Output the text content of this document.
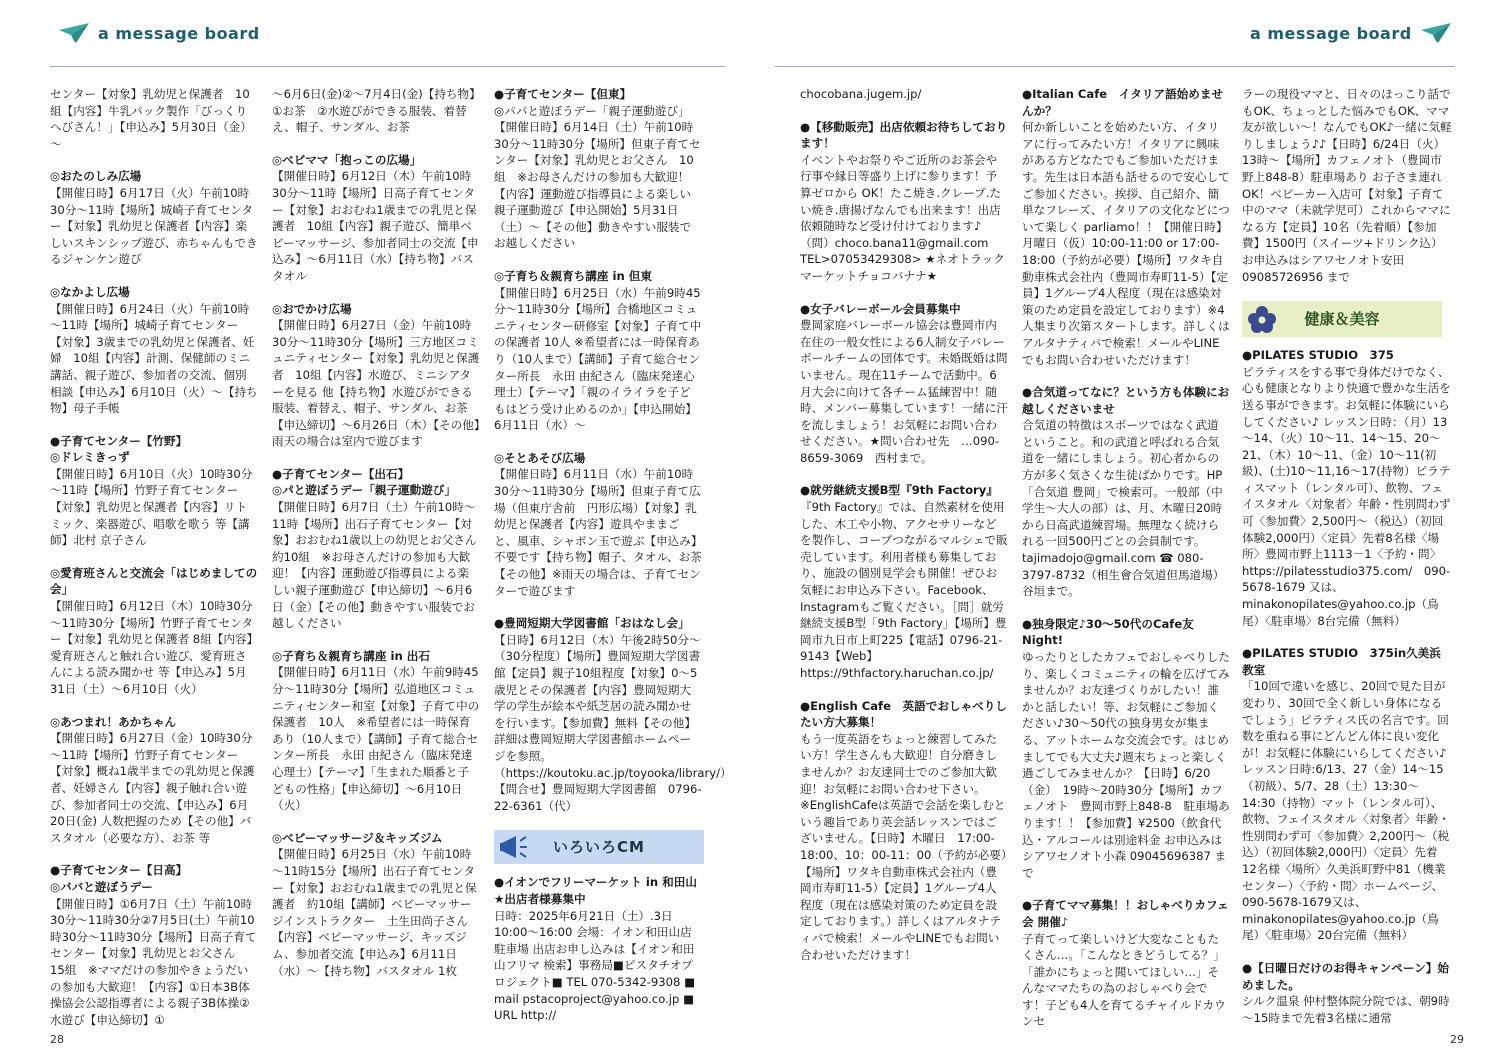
a message board

センター【対象】乳幼児と保護者　10組【内容】牛乳パック製作「びっくりへびさん！」【申込み】5月30日（金）～

◎おたのしみ広場

【開催日時】6月17日（火）午前10時30分～11時【場所】城崎子育てセンター【対象】乳幼児と保護者【内容】楽しいスキンシップ遊び、赤ちゃんもできるジャンケン遊び

◎なかよし広場

【開催日時】6月24日（火）午前10時～11時【場所】城崎子育てセンター【対象】3歳までの乳幼児と保護者、妊婦　10組【内容】計測、保健師のミニ講話、親子遊び、参加者の交流、個別相談【申込み】6月10日（火）～【持ち物】母子手帳

●子育てセンター【竹野】

◎ドレミきっず

【開催日時】6月10日（火）10時30分～11時【場所】竹野子育てセンター【対象】乳幼児と保護者【内容】リトミック、楽器遊び、唱歌を歌う 等【講師】北村 京子さん

◎愛育班さんと交流会「はじめましての会」

【開催日時】6月12日（木）10時30分～11時30分【場所】竹野子育てセンター【対象】乳幼児と保護者 8組【内容】愛育班さんと触れ合い遊び、愛育班さんによる読み聞かせ 等【申込み】5月31日（土）～6月10日（火）

◎あつまれ！あかちゃん

【開催日時】6月27日（金）10時30分～11時【場所】竹野子育てセンター【対象】概ね1歳半までの乳幼児と保護者、妊婦さん【内容】親子触れ合い遊び、参加者同士の交流、【申込み】6月20日(金) 人数把握のため【その他】バスタオル（必要な方）、お茶 等

●子育てセンター【日高】

◎ババと遊ぼうデー

【開催日時】①6月7日（土）午前10時30分～11時30分②7月5日(土）午前10時30分～11時30分【場所】日高子育てセンター【対象】乳幼児とお父さん　15組　※ママだけの参加やきょうだいの参加も大歓迎！【内容】①日本3B体操協会公認指導者による親子3B体操②水遊び【申込締切】①

～6月6日(金)②～7月4日(金)【持ち物】①お茶　②水遊びができる服装、着替え、帽子、サンダル、お茶

◎ベビママ「抱っこの広場」

【開催日時】6月12日（木）午前10時30分～11時【場所】日高子育てセンター【対象】おおむね1歳までの乳児と保護者　10組【内容】親子遊び、簡単ベビーマッサージ、参加者同士の交流【申込み】～6月11日（水）【持ち物】バスタオル

◎おでかけ広場

【開催日時】6月27日（金）午前10時30分～11時30分【場所】三方地区コミュニティセンター【対象】乳幼児と保護者　10組【内容】水遊び、ミニシアターを見る 他【持ち物】水遊びができる服装、着替え、帽子、サンダル、お茶【申込締切】～6月26日（木）【その他】雨天の場合は室内で遊びます

●子育てセンター【出石】

◎パと遊ぼうデー「親子運動遊び」

【開催日時】6月7日（土）午前10時～11時【場所】出石子育てセンター【対象】おおむね1歳以上の幼児とお父さん　約10組　※お母さんだけの参加も大歓迎！【内容】運動遊び指導員による楽しい親子運動遊び【申込締切】～6月6日（金）【その他】動きやすい服装でお越しください

◎子育ち＆親育ち講座 in 出石

【開催日時】6月11日（水）午前9時45分～11時30分【場所】弘道地区コミュニティセンター和室【対象】子育て中の保護者　10人　※希望者には一時保育あり（10人まで）【講師】子育て総合センター所長　永田 由紀さん（臨床発達心理士）【テーマ】「生まれた順番と子どもの性格」【申込締切】～6月10日（火）

◎ベビーマッサージ＆キッズジム

【開催日時】6月25日（水）午前10時～11時15分【場所】出石子育てセンター【対象】おおむね1歳までの乳児と保護者　約10組【講師】ベビーマッサージインストラクター　土生田尚子さん【内容】ベビーマッサージ、キッズジム、参加者交流【申込み】6月11日（水）～【持ち物】バスタオル 1枚

●子育てセンター【但東】

◎パパと遊ぼうデー「親子運動遊び」【開催日時】6月14日（土）午前10時30分～11時30分【場所】但東子育てセンター【対象】乳幼児とお父さん　10組　※お母さんだけの参加も大歓迎！【内容】運動遊び指導員による楽しい親子運動遊び【申込開始】5月31日（土）～【その他】動きやすい服装でお越しください

◎子育ち＆親育ち講座 in 但東

【開催日時】6月25日（水）午前9時45分～11時30分【場所】合橋地区コミュニティセンター研修室【対象】子育て中の保護者 10人 ※希望者には一時保育あり（10人まで）【講師】子育て総合センター所長　永田 由紀さん（臨床発達心理士）【テーマ】「親のイライラを子どもはどう受け止めるのか」【申込開始】6月11日（水）～

◎そとあそび広場

【開催日時】6月11日（水）午前10時30分～11時30分【場所】但東子育て広場（但東庁舎前　円形広場）【対象】乳幼児と保護者【内容】遊具やままごと、風車、シャボン玉で遊ぶ【申込み】不要です【持ち物】帽子、タオル、お茶【その他】※雨天の場合は、子育てセンターで遊びます

●豊岡短期大学図書館「おはなし会」

【日時】6月12日（木）午後2時50分～（30分程度）【場所】豊岡短期大学図書館【定員】親子10組程度【対象】0～5歳児とその保護者【内容】豊岡短期大学の学生が絵本や紙芝居の読み聞かせを行います。【参加費】無料【その他】詳細は豊岡短期大学図書館ホームページを参照。（https://koutoku.ac.jp/toyooka/library/）【問合せ】豊岡短期大学図書館　0796-22-6361（代）

いろいろCM

●イオンでフリーマーケット in 和田山★出店者様募集中

日時：2025年6月21日（土）.3日10:00～16:00 会場：イオン和田山店駐車場 出店お申し込みは【イオン和田山フリマ 検索】事務局■ピスタチオプロジェクト■ TEL 070-5342-9308 ■ mail pstacoproject@yahoo.co.jp ■ URL http://

28
a message board

chocobana.jugem.jp/

●【移動販売】出店依頼お待ちしております！

イベントやお祭りやご近所のお茶会や行事や縁日等盛り上げに参ります！予算ゼロから OK！たこ焼き.クレープ.たい焼き.唐揚げなんでも出来ます！出店依頼随時など受け付けております♪（問）choco.bana11@gmail.com TEL>07053429308> ★ネオトラックマーケットチョコバナナ★

●女子バレーボール会員募集中

豊岡家庭バレーボール協会は豊岡市内在住の一般女性による6人制女子バレーボールチームの団体です。未婚既婚は問いません。現在11チームで活動中。6月大会に向けて各チーム猛練習中！随時、メンバー募集しています！一緒に汗を流しましょう！お気軽にお問い合わせください。★問い合わせ先　…090-8659-3069　西村まで。

●就労継続支援B型『9th Factory』

『9th Factory』では、自然素材を使用した、木工や小物、アクセサリーなどを製作し、コープつながるマルシェで販売しています。利用者様も募集しており、施設の個別見学会も開催！ぜひお気軽にお申込み下さい。Facebook、Instagramもご覧ください。［問］就労継続支援B型「9th Factory」【場所】豊岡市九日市上町225【電話】0796-21-9143【Web】https://9thfactory.haruchan.co.jp/

●English Cafe　英語でおしゃべりしたい方大募集！

もう一度英語をちょっと練習してみたい方！学生さんも大歓迎！自分磨きしませんか？お友達同士でのご参加大歓迎！お気軽にお問い合わせ下さい。※EnglishCafeは英語で会話を楽しむという趣旨であり英会話レッスンではございません。【日時】木曜日　17:00-18:00、10：00-11：00（予約が必要）【場所】ワタキ自動車株式会社内（豊岡市寿町11-5）【定員】1グループ4人程度（現在は感染対策のため定員を設定しております。）詳しくはアルタナティバで検索！メールやLINEでもお問い合わせいただけます！

●Italian Cafe　イタリア語始めませんか？

何か新しいことを始めたい方、イタリアに行ってみたい方！イタリアに興味がある方どなたでもご参加いただけます。先生は日本語も話せるので安心してご参加ください。挨拶、自己紹介、簡単なフレーズ、イタリアの文化などについて楽しく parliamo！！【開催日時】月曜日（仮）10:00-11:00 or 17:00-18:00（予約が必要）【場所】ワタキ自動車株式会社内（豊岡市寿町11-5）【定員】1グループ4人程度（現在は感染対策のため定員を設定しております）※4人集まり次第スタートします。詳しくはアルタナティバで検索！メールやLINEでもお問い合わせいただけます！

●合気道ってなに？という方も体験にお越しくださいませ

合気道の特徴はスポーツではなく武道ということ。和の武道と呼ばれる合気道を一緒にしましょう。初心者からの方が多く気さくな生徒ばかりです。HP「合気道 豊岡」で検索可。一般部（中学生～大人の部）は、月、木曜日20時から日高武道練習場。無理なく続けられる一回500円ごとの会員制です。tajimadojo@gmail.com ☎ 080-3797-8732（相生會合気道但馬道場）谷垣まで。

●独身限定♪30～50代のCafe友Night!

ゆったりとしたカフェでおしゃべりしたり、楽しくコミュニティの輪を広げてみませんか？お友達づくりがしたい！誰かと話したい！等、お気軽にご参加ください♪30～50代の独身男女が集まる、アットホームな交流会です。はじめましてでも大丈夫♪週末ちょっと楽しく過ごしてみませんか？【日時】6/20（金）　19時～20時30分【場所】カフェノオト　豊岡市野上848-8　駐車場あります！！【参加費】¥2500（飲食代込・アルコールは別途料金 お申込みはシアワセノオト小森 09045696387 まで

●子育てママ募集！！おしゃべりカフェ会 開催♪

子育てって楽しいけど大変なこともたくさん…。「こんなときどうしてる？」「誰かにちょっと聞いてほしい…」そんなママたちの為のおしゃべり会です！子ども4人を育てるチャイルドカウンセ

ラーの現役ママと、日々のほっこり話でもOK、ちょっとした悩みでもOK、ママ友が欲しい～！なんでもOK♪一緒に気軽りしましょう♪♪【日時】6/24日（火）13時～【場所】カフェノオト（豊岡市野上848-8）駐車場あり お子さま連れOK！ベビーカー入店可【対象】子育て中のママ（未就学児可）これからママになる方【定員】10名（先着順）【参加費】1500円（スイーツ+ドリンク込）お申込みはシアワセノオト安田 09085726956 まで

健康＆美容

●PILATES STUDIO　375

ピラティスをする事で身体だけでなく、心も健康となりより快適で豊かな生活を送る事ができます。お気軽に体験にいらしてください♪ レッスン日時：（月）13～14、（火）10～11、14～15、20～21、（木）10～11、（金）10～11(初級)、(土)10～11,16～17(持物）ピラティスマット（レンタル可）、飲物、フェイスタオル〈対象者〉年齢・性別問わず可〈参加費〉2,500円～（税込）（初回体験2,000円）〈定員〉先着8名様〈場所〉豊岡市野上1113－1〈予約・問〉https://pilatesstudio375.com/　090-5678-1679 又は、minakonopilates@yahoo.co.jp（鳥尾）〈駐車場〉8台完備（無料）

●PILATES STUDIO　375in久美浜教室

「10回で違いを感じ、20回で見た目が変わり、30回で全く新しい身体になるでしょう」ピラティス氏の名言です。回数を重ねる事にどんどん体に良い変化が！お気軽に体験にいらしてください♪ レッスン日時:6/13、27（金）14～15（初級）、5/7、28（土）13:30～14:30（持物）マット（レンタル可）、飲物、フェイスタオル〈対象者〉年齢・性別問わず可〈参加費〉2,200円～（税込）（初回体験2,000円）〈定員〉先着12名様〈場所〉久美浜町野中81（機業センター）〈予約・問〉ホームページ、090-5678-1679又は、minakonopilates@yahoo.co.jp（鳥尾）〈駐車場〉20台完備（無料）

●【日曜日だけのお得キャンペーン】始めました。

シルク温泉 仲村整体院分院では、朝9時～15時まで先着3名様に通常

29
